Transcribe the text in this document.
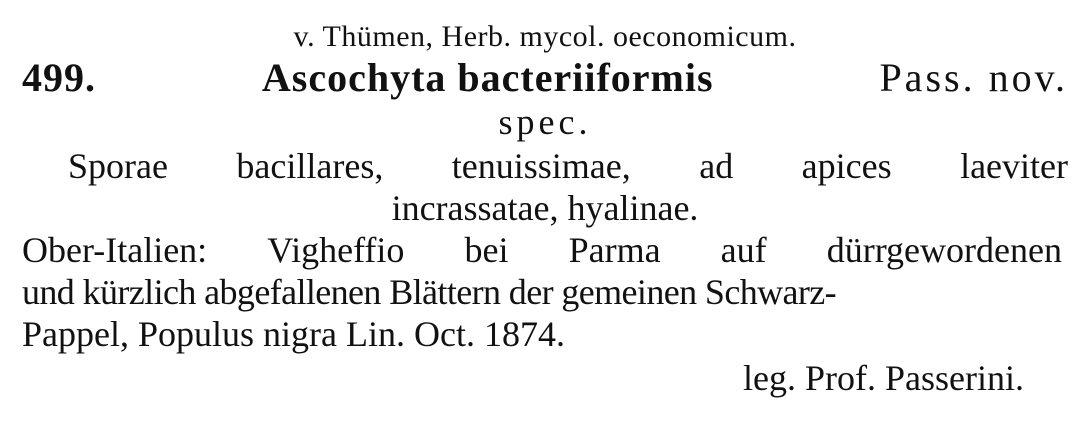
v. Thümen, Herb. mycol. oeconomicum.
499.	Ascochyta bacteriiformis	Pass. nov.
spec.
Sporae bacillares, tenuissimae, ad apices laeviter
incrassatae, hyalinae.
Ober-Italien: Vigheffio bei Parma auf dürrgewordenen
und kürzlich abgefallenen Blättern der gemeinen Schwarz-
Pappel, Populus nigra Lin. Oct. 1874.
leg. Prof. Passerini.
